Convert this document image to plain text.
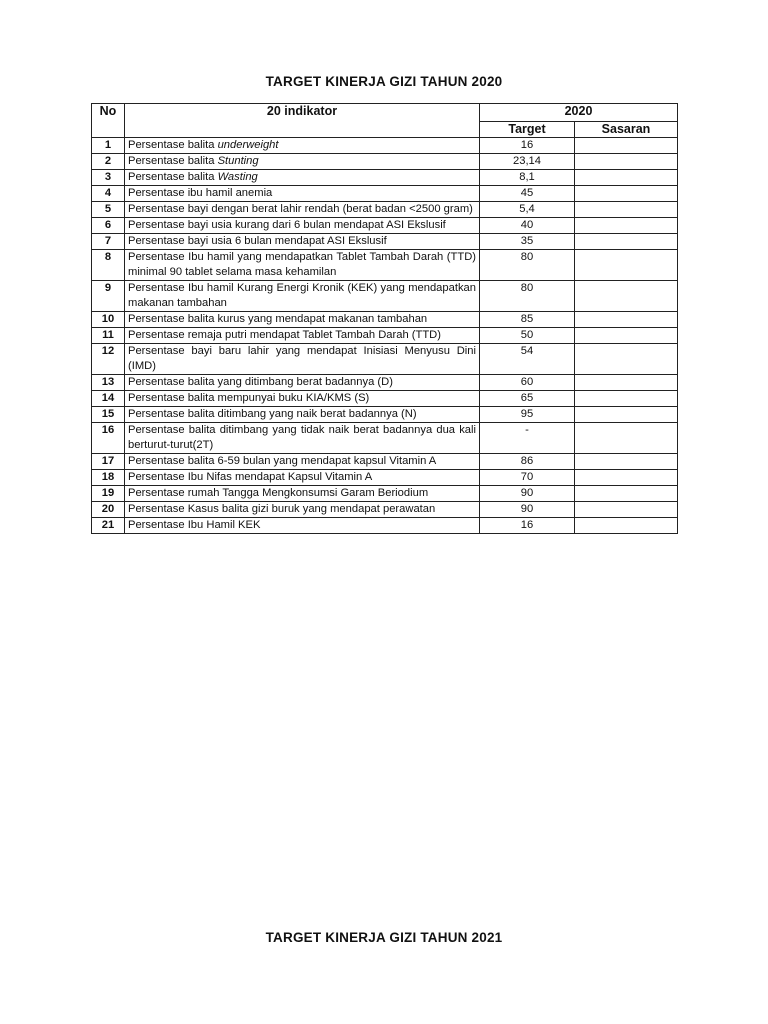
TARGET KINERJA GIZI TAHUN 2020
No	20 indikator	2020	
		Target	Sasaran
1	Persentase balita underweight	16	
2	Persentase balita Stunting	23,14	
3	Persentase balita Wasting	8,1	
4	Persentase ibu hamil anemia	45	
5	Persentase bayi dengan berat lahir rendah (berat badan <2500 gram)	5,4	
6	Persentase bayi usia kurang dari 6 bulan mendapat ASI Ekslusif	40	
7	Persentase bayi usia 6 bulan mendapat ASI Ekslusif	35	
8	Persentase Ibu hamil yang mendapatkan Tablet Tambah Darah (TTD) minimal 90 tablet selama masa kehamilan	80	
9	Persentase Ibu hamil Kurang Energi Kronik (KEK) yang mendapatkan makanan tambahan	80	
10	Persentase balita kurus yang mendapat makanan tambahan	85	
11	Persentase remaja putri mendapat Tablet Tambah Darah (TTD)	50	
12	Persentase bayi baru lahir yang mendapat Inisiasi Menyusu Dini (IMD)	54	
13	Persentase balita yang ditimbang berat badannya (D)	60	
14	Persentase balita mempunyai buku KIA/KMS (S)	65	
15	Persentase balita ditimbang yang naik berat badannya (N)	95	
16	Persentase balita ditimbang yang tidak naik berat badannya dua kali berturut-turut(2T)	-	
17	Persentase balita 6-59 bulan yang mendapat kapsul Vitamin A	86	
18	Persentase Ibu Nifas mendapat Kapsul Vitamin A	70	
19	Persentase rumah Tangga Mengkonsumsi Garam Beriodium	90	
20	Persentase Kasus balita gizi buruk yang mendapat perawatan	90	
21	Persentase Ibu Hamil KEK	16	
TARGET KINERJA GIZI TAHUN 2021
